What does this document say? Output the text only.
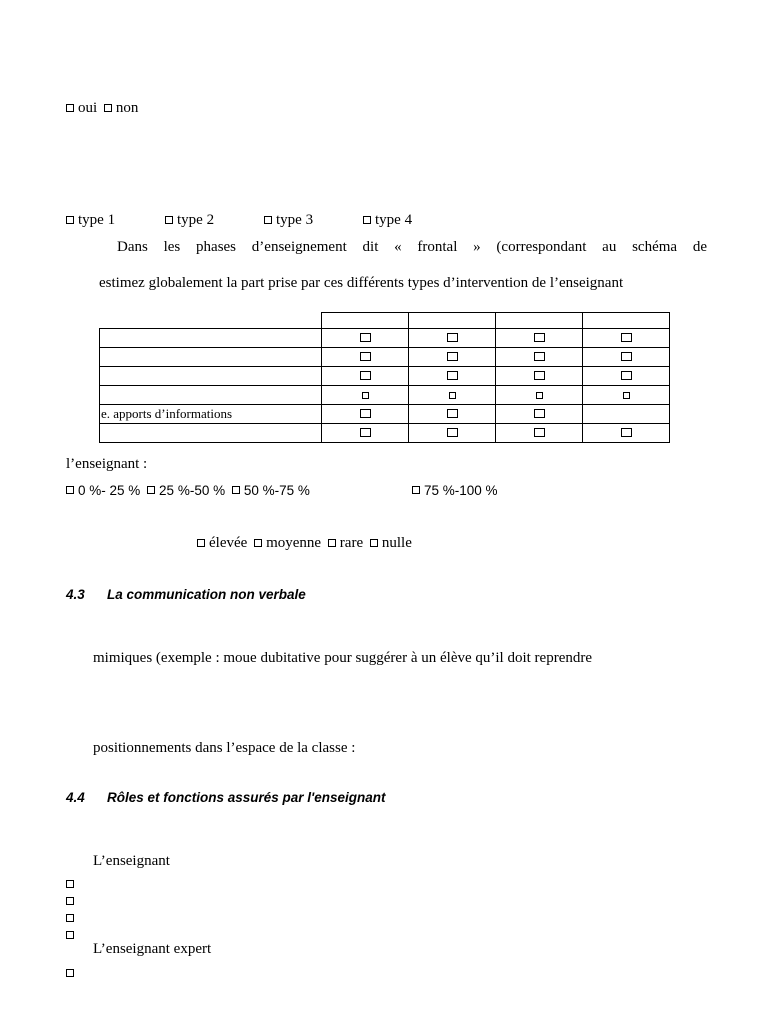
oui non
type 1	type 2	type 3	type 4
Dans les phases d’enseignement dit « frontal » (correspondant au schéma de
estimez globalement la part prise par ces différents types d’intervention de l’enseignant

e. apports d’informations				

l’enseignant :
0 %- 25 % 25 %-50 % 50 %-75 %	75 %-100 %
élevée moyenne rare nulle
4.3 La communication non verbale
mimiques (exemple : moue dubitative pour suggérer à un élève qu’il doit reprendre
positionnements dans l’espace de la classe :
4.4 Rôles et fonctions assurés par l'enseignant
L’enseignant
L’enseignant expert
